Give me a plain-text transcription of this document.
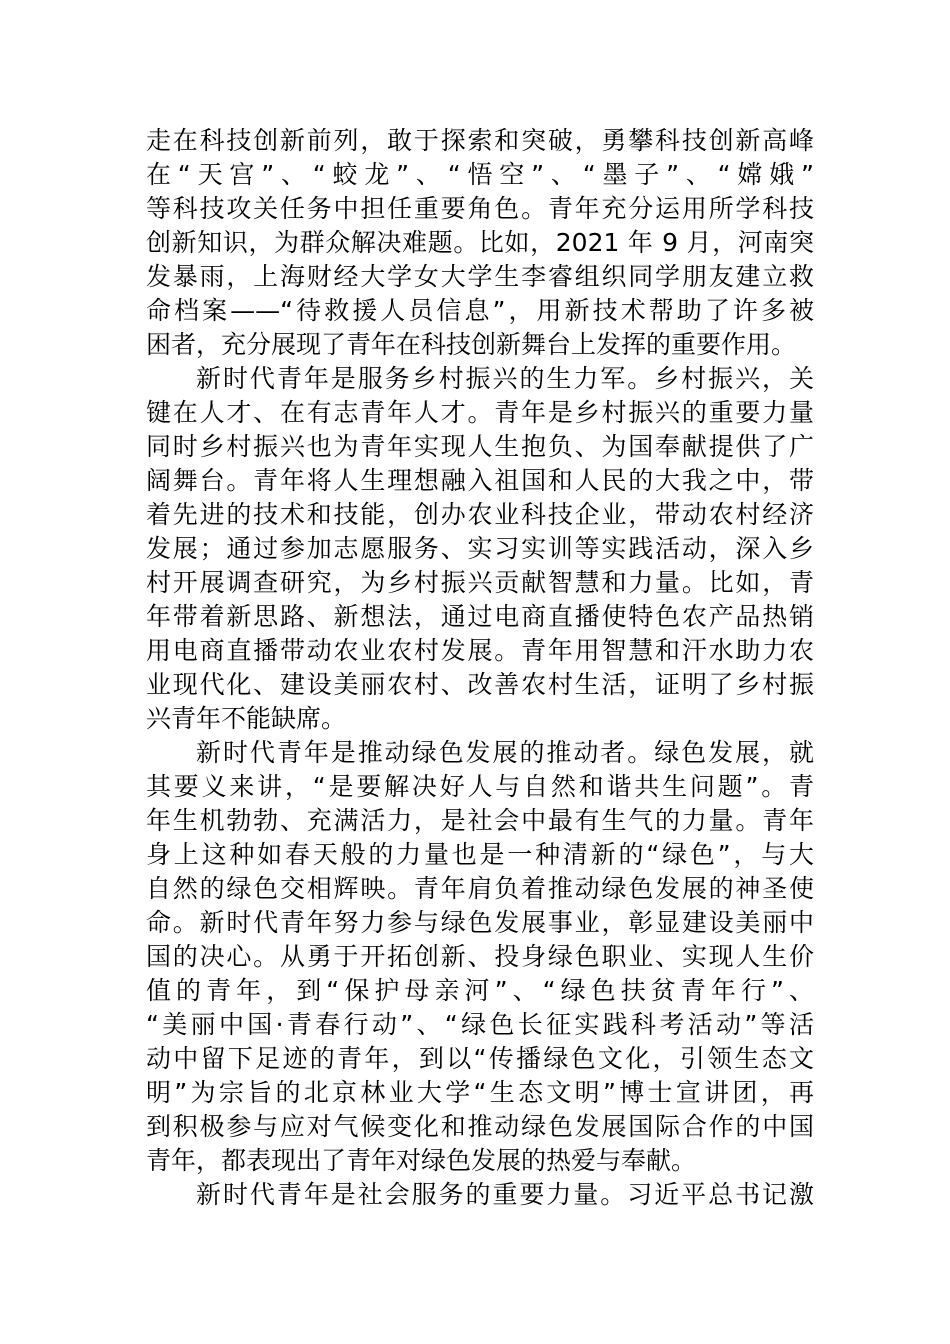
走在科技创新前列，敢于探索和突破，勇攀科技创新高峰
在“天宫”、“蛟龙”、“悟空”、“墨子”、“嫦娥”
等科技攻关任务中担任重要角色。青年充分运用所学科技
创新知识，为群众解决难题。比如，2021 年 9 月，河南突
发暴雨，上海财经大学女大学生李睿组织同学朋友建立救
命档案——“待救援人员信息”，用新技术帮助了许多被
困者，充分展现了青年在科技创新舞台上发挥的重要作用。
新时代青年是服务乡村振兴的生力军。乡村振兴，关
键在人才、在有志青年人才。青年是乡村振兴的重要力量
同时乡村振兴也为青年实现人生抱负、为国奉献提供了广
阔舞台。青年将人生理想融入祖国和人民的大我之中，带
着先进的技术和技能，创办农业科技企业，带动农村经济
发展；通过参加志愿服务、实习实训等实践活动，深入乡
村开展调查研究，为乡村振兴贡献智慧和力量。比如，青
年带着新思路、新想法，通过电商直播使特色农产品热销
用电商直播带动农业农村发展。青年用智慧和汗水助力农
业现代化、建设美丽农村、改善农村生活，证明了乡村振
兴青年不能缺席。
新时代青年是推动绿色发展的推动者。绿色发展，就
其要义来讲，“是要解决好人与自然和谐共生问题”。青
年生机勃勃、充满活力，是社会中最有生气的力量。青年
身上这种如春天般的力量也是一种清新的“绿色”，与大
自然的绿色交相辉映。青年肩负着推动绿色发展的神圣使
命。新时代青年努力参与绿色发展事业，彰显建设美丽中
国的决心。从勇于开拓创新、投身绿色职业、实现人生价
值的青年，到“保护母亲河”、“绿色扶贫青年行”、
“美丽中国·青春行动”、“绿色长征实践科考活动”等活
动中留下足迹的青年，到以“传播绿色文化，引领生态文
明”为宗旨的北京林业大学“生态文明”博士宣讲团，再
到积极参与应对气候变化和推动绿色发展国际合作的中国
青年，都表现出了青年对绿色发展的热爱与奉献。
新时代青年是社会服务的重要力量。习近平总书记激
